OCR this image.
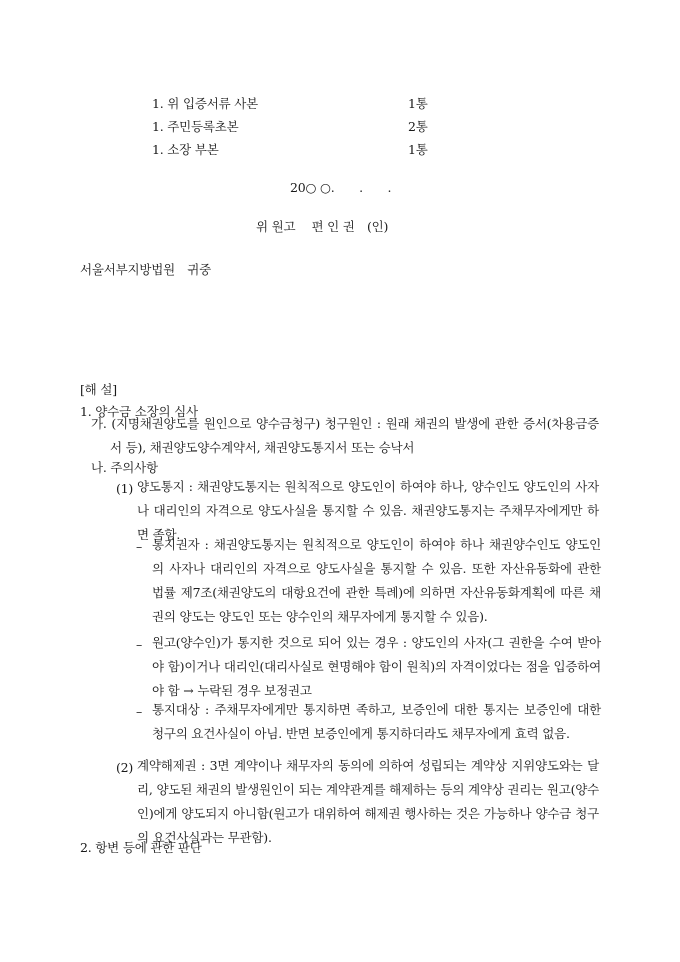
1. 위 입증서류 사본	1통
1. 주민등록초본	2통
1. 소장 부본	1통
20○ ○.　　.　　.
위 원고　 편 인 권　(인)
서울서부지방법원　귀중
[해 설]
1. 양수금 소장의 심사

가. (지명채권양도를 원인으로 양수금청구) 청구원인 : 원래 채권의 발생에 관한 증서(차용금증서 등), 채권양도양수계약서, 채권양도통지서 또는 승낙서

나. 주의사항
(1) 양도통지 : 채권양도통지는 원칙적으로 양도인이 하여야 하나, 양수인도 양도인의 사자나 대리인의 자격으로 양도사실을 통지할 수 있음. 채권양도통지는 주채무자에게만 하면 족함.

– 통지권자 : 채권양도통지는 원칙적으로 양도인이 하여야 하나 채권양수인도 양도인의 사자나 대리인의 자격으로 양도사실을 통지할 수 있음. 또한 자산유동화에 관한 법률 제7조(채권양도의 대항요건에 관한 특례)에 의하면 자산유동화계획에 따른 채권의 양도는 양도인 또는 양수인의 채무자에게 통지할 수 있음).

– 원고(양수인)가 통지한 것으로 되어 있는 경우 : 양도인의 사자(그 권한을 수여 받아야 함)이거나 대리인(대리사실로 현명해야 함이 원칙)의 자격이었다는 점을 입증하여야 함 → 누락된 경우 보정권고

– 통지대상 : 주채무자에게만 통지하면 족하고, 보증인에 대한 통지는 보증인에 대한 청구의 요건사실이 아님. 반면 보증인에게 통지하더라도 채무자에게 효력 없음.

(2) 계약해제권 : 3면 계약이나 채무자의 동의에 의하여 성립되는 계약상 지위양도와는 달리, 양도된 채권의 발생원인이 되는 계약관계를 해제하는 등의 계약상 권리는 원고(양수인)에게 양도되지 아니함(원고가 대위하여 해제권 행사하는 것은 가능하나 양수금 청구의 요건사실과는 무관함).

2. 항변 등에 관한 판단
